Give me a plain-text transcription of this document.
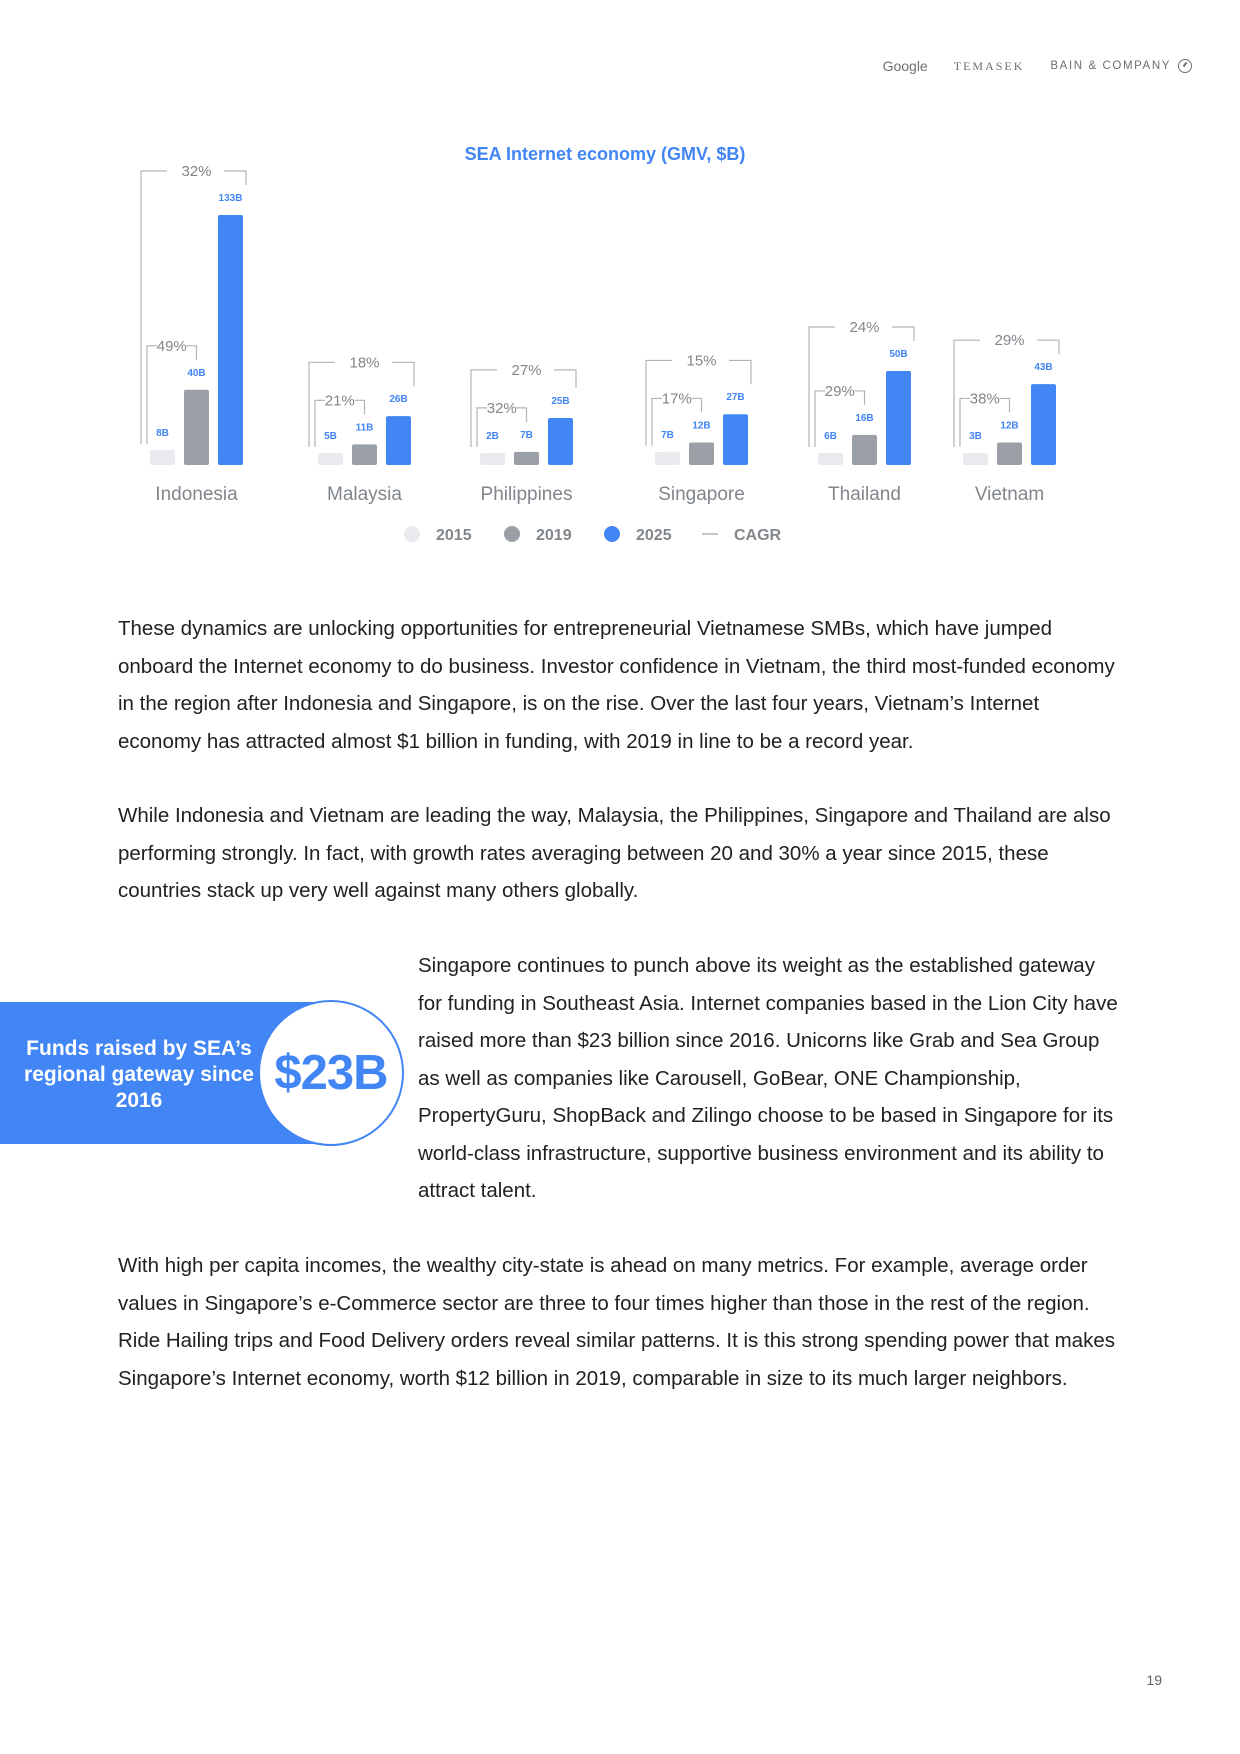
Google TEMASEK BAIN & COMPANY
SEA Internet economy (GMV, $B)
8B
40B
133B
49%
32%
Indonesia
5B
11B
26B
21%
18%
Malaysia
2B 7B
25B
32%
27%
Philippines
7B
12B
27B
17%
15%
Singapore
6B
16B
50B
29%
24%
Thailand
3B
12B
43B
38%
29%
Vietnam
2015	2019	2025	CAGR

These dynamics are unlocking opportunities for entrepreneurial Vietnamese SMBs, which have jumped onboard the Internet economy to do business. Investor confidence in Vietnam, the third most-funded economy in the region after Indonesia and Singapore, is on the rise. Over the last four years, Vietnam’s Internet economy has attracted almost $1 billion in funding, with 2019 in line to be a record year.

While Indonesia and Vietnam are leading the way, Malaysia, the Philippines, Singapore and Thailand are also performing strongly. In fact, with growth rates averaging between 20 and 30% a year since 2015, these countries stack up very well against many others globally.

Funds raised by SEA’s regional gateway since 2016
$23B

Singapore continues to punch above its weight as the established gateway for funding in Southeast Asia. Internet companies based in the Lion City have raised more than $23 billion since 2016. Unicorns like Grab and Sea Group as well as companies like Carousell, GoBear, ONE Championship, PropertyGuru, ShopBack and Zilingo choose to be based in Singapore for its world-class infrastructure, supportive business environment and its ability to attract talent.

With high per capita incomes, the wealthy city-state is ahead on many metrics. For example, average order values in Singapore’s e-Commerce sector are three to four times higher than those in the rest of the region. Ride Hailing trips and Food Delivery orders reveal similar patterns. It is this strong spending power that makes Singapore’s Internet economy, worth $12 billion in 2019, comparable in size to its much larger neighbors.

19
